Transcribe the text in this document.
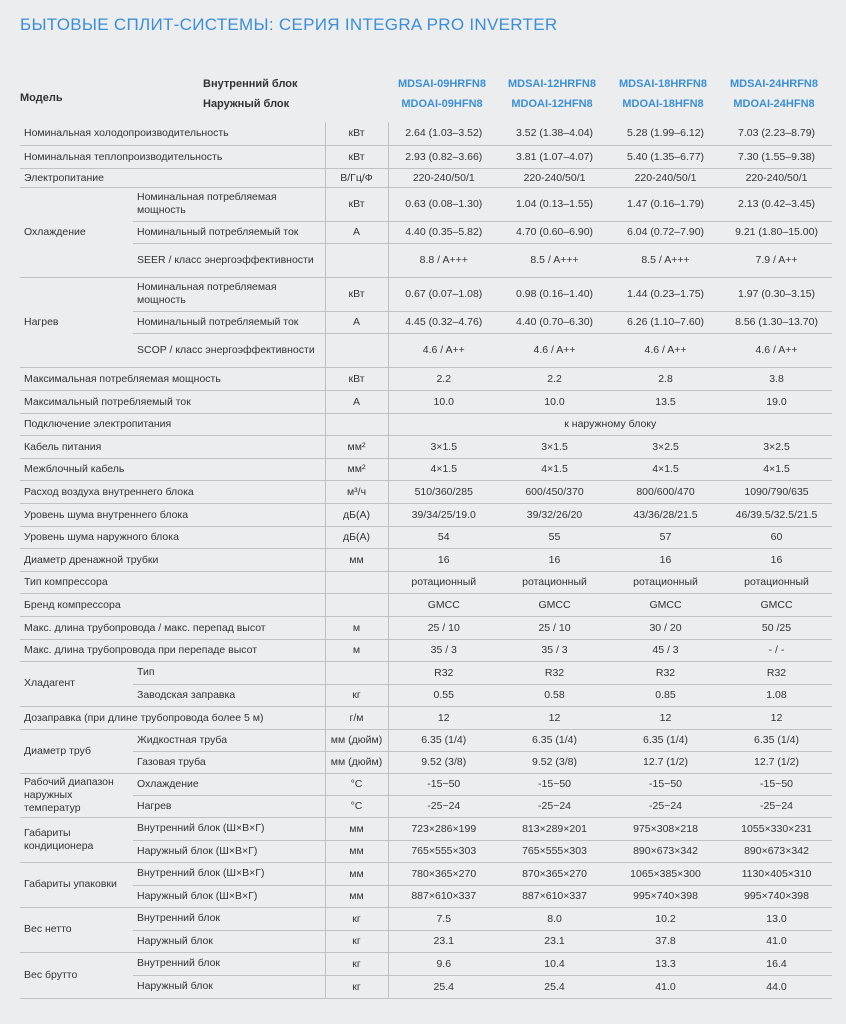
БЫТОВЫЕ СПЛИТ-СИСТЕМЫ: СЕРИЯ INTEGRA PRO INVERTER
Модель
Внутренний блок
Наружный блок
MDSAI-09HRFN8	MDSAI-12HRFN8	MDSAI-18HRFN8	MDSAI-24HRFN8
MDOAI-09HFN8	MDOAI-12HFN8	MDOAI-18HFN8	MDOAI-24HFN8
Номинальная холодопроизводительность		кВт	2.64 (1.03–3.52)	3.52 (1.38–4.04)	5.28 (1.99–6.12)	7.03 (2.23–8.79)
Номинальная теплопроизводительность		кВт	2.93 (0.82–3.66)	3.81 (1.07–4.07)	5.40 (1.35–6.77)	7.30 (1.55–9.38)
Электропитание		В/Гц/Ф	220-240/50/1	220-240/50/1	220-240/50/1	220-240/50/1
Охлаждение	Номинальная потребляемая мощность	кВт	0.63 (0.08–1.30)	1.04 (0.13–1.55)	1.47 (0.16–1.79)	2.13 (0.42–3.45)
	Номинальный потребляемый ток	А	4.40 (0.35–5.82)	4.70 (0.60–6.90)	6.04 (0.72–7.90)	9.21 (1.80–15.00)
	SEER / класс энергоэффективности		8.8 / A+++	8.5 / A+++	8.5 / A+++	7.9 / A++
Нагрев	Номинальная потребляемая мощность	кВт	0.67 (0.07–1.08)	0.98 (0.16–1.40)	1.44 (0.23–1.75)	1.97 (0.30–3.15)
	Номинальный потребляемый ток	А	4.45 (0.32–4.76)	4.40 (0.70–6.30)	6.26 (1.10–7.60)	8.56 (1.30–13.70)
	SCOP / класс энергоэффективности		4.6 / A++	4.6 / A++	4.6 / A++	4.6 / A++
Максимальная потребляемая мощность		кВт	2.2	2.2	2.8	3.8
Максимальный потребляемый ток		А	10.0	10.0	13.5	19.0
Подключение электропитания			к наружному блоку			
Кабель питания		мм²	3×1.5	3×1.5	3×2.5	3×2.5
Межблочный кабель		мм²	4×1.5	4×1.5	4×1.5	4×1.5
Расход воздуха внутреннего блока		м³/ч	510/360/285	600/450/370	800/600/470	1090/790/635
Уровень шума внутреннего блока		дБ(А)	39/34/25/19.0	39/32/26/20	43/36/28/21.5	46/39.5/32.5/21.5
Уровень шума наружного блока		дБ(А)	54	55	57	60
Диаметр дренажной трубки		мм	16	16	16	16
Тип компрессора			ротационный	ротационный	ротационный	ротационный
Бренд компрессора			GMCC	GMCC	GMCC	GMCC
Макс. длина трубопровода / макс. перепад высот		м	25 / 10	25 / 10	30 / 20	50 /25
Макс. длина трубопровода при перепаде высот		м	35 / 3	35 / 3	45 / 3	- / -
Хладагент	Тип		R32	R32	R32	R32
	Заводская заправка	кг	0.55	0.58	0.85	1.08
Дозаправка (при длине трубопровода более 5 м)		г/м	12	12	12	12
Диаметр труб	Жидкостная труба	мм (дюйм)	6.35 (1/4)	6.35 (1/4)	6.35 (1/4)	6.35 (1/4)
	Газовая труба	мм (дюйм)	9.52 (3/8)	9.52 (3/8)	12.7 (1/2)	12.7 (1/2)
Рабочий диапазон наружных температур	Охлаждение	°С	-15~50	-15~50	-15~50	-15~50
	Нагрев	°С	-25~24	-25~24	-25~24	-25~24
Габариты кондиционера	Внутренний блок (Ш×В×Г)	мм	723×286×199	813×289×201	975×308×218	1055×330×231
	Наружный блок (Ш×В×Г)	мм	765×555×303	765×555×303	890×673×342	890×673×342
Габариты упаковки	Внутренний блок (Ш×В×Г)	мм	780×365×270	870×365×270	1065×385×300	1130×405×310
	Наружный блок (Ш×В×Г)	мм	887×610×337	887×610×337	995×740×398	995×740×398
Вес нетто	Внутренний блок	кг	7.5	8.0	10.2	13.0
	Наружный блок	кг	23.1	23.1	37.8	41.0
Вес брутто	Внутренний блок	кг	9.6	10.4	13.3	16.4
	Наружный блок	кг	25.4	25.4	41.0	44.0
